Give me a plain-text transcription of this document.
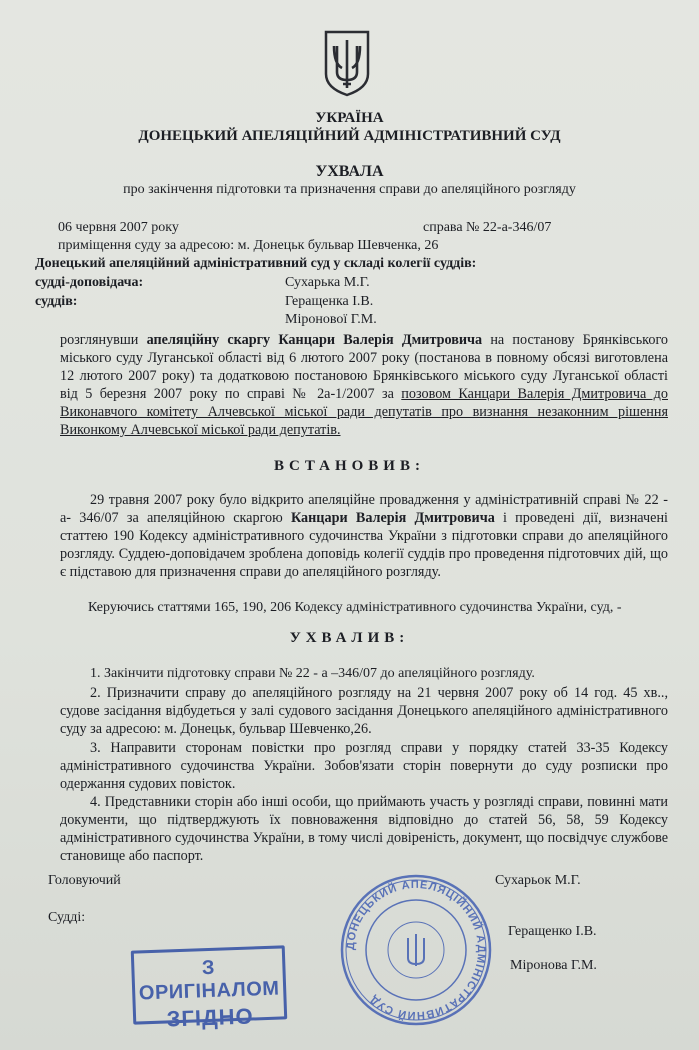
УКРАЇНА
ДОНЕЦЬКИЙ АПЕЛЯЦІЙНИЙ АДМІНІСТРАТИВНИЙ СУД
УХВАЛА
про закінчення підготовки та призначення справи до апеляційного розгляду
06 червня 2007 року	справа № 22-а-346/07
приміщення суду за адресою: м. Донецьк бульвар Шевченка, 26
Донецький апеляційний адміністративний суд у складі колегії суддів:
судді-доповідача:	Сухарька М.Г.
суддів:	Геращенка І.В.
Міронової Г.М.
розглянувши апеляційну скаргу Канцари Валерія Дмитровича на постанову Брянківського міського суду Луганської області від 6 лютого 2007 року (постанова в повному обсязі виготовлена 12 лютого 2007 року) та додатковою постановою Брянківського міського суду Луганської області від 5 березня 2007 року по справі № 2а-1/2007 за позовом Канцари Валерія Дмитровича до Виконавчого комітету Алчевської міської ради депутатів про визнання незаконним рішення Виконкому Алчевської міської ради депутатів.
ВСТАНОВИВ:
29 травня 2007 року було відкрито апеляційне провадження у адміністративній справі № 22 - а- 346/07 за апеляційною скаргою Канцари Валерія Дмитровича і проведені дії, визначені статтею 190 Кодексу адміністративного судочинства України з підготовки справи до апеляційного розгляду. Суддею-доповідачем зроблена доповідь колегії суддів про проведення підготовчих дій, що є підставою для призначення справи до апеляційного розгляду.
Керуючись статтями 165, 190, 206 Кодексу адміністративного судочинства України, суд, -
УХВАЛИВ:
1. Закінчити підготовку справи № 22 - а –346/07 до апеляційного розгляду.
2. Призначити справу до апеляційного розгляду на 21 червня 2007 року об 14 год. 45 хв.., судове засідання відбудеться у залі судового засідання Донецького апеляційного адміністративного суду за адресою: м. Донецьк, бульвар Шевченко,26.
3. Направити сторонам повістки про розгляд справи у порядку статей 33-35 Кодексу адміністративного судочинства України. Зобов'язати сторін повернути до суду розписки про одержання судових повісток.
4. Представники сторін або інші особи, що приймають участь у розгляді справи, повинні мати документи, що підтверджують їх повноваження відповідно до статей 56, 58, 59 Кодексу адміністративного судочинства України, в тому числі довіреність, документ, що посвідчує службове становище або паспорт.
Головуючий	Сухарьок М.Г.
Судді:
Геращенко І.В.
Міронова Г.М.
ДОНЕЦЬКИЙ АПЕЛЯЦІЙНИЙ АДМІНІСТРАТИВНИЙ СУД
З ОРИГІНАЛОМ
ЗГІДНО
